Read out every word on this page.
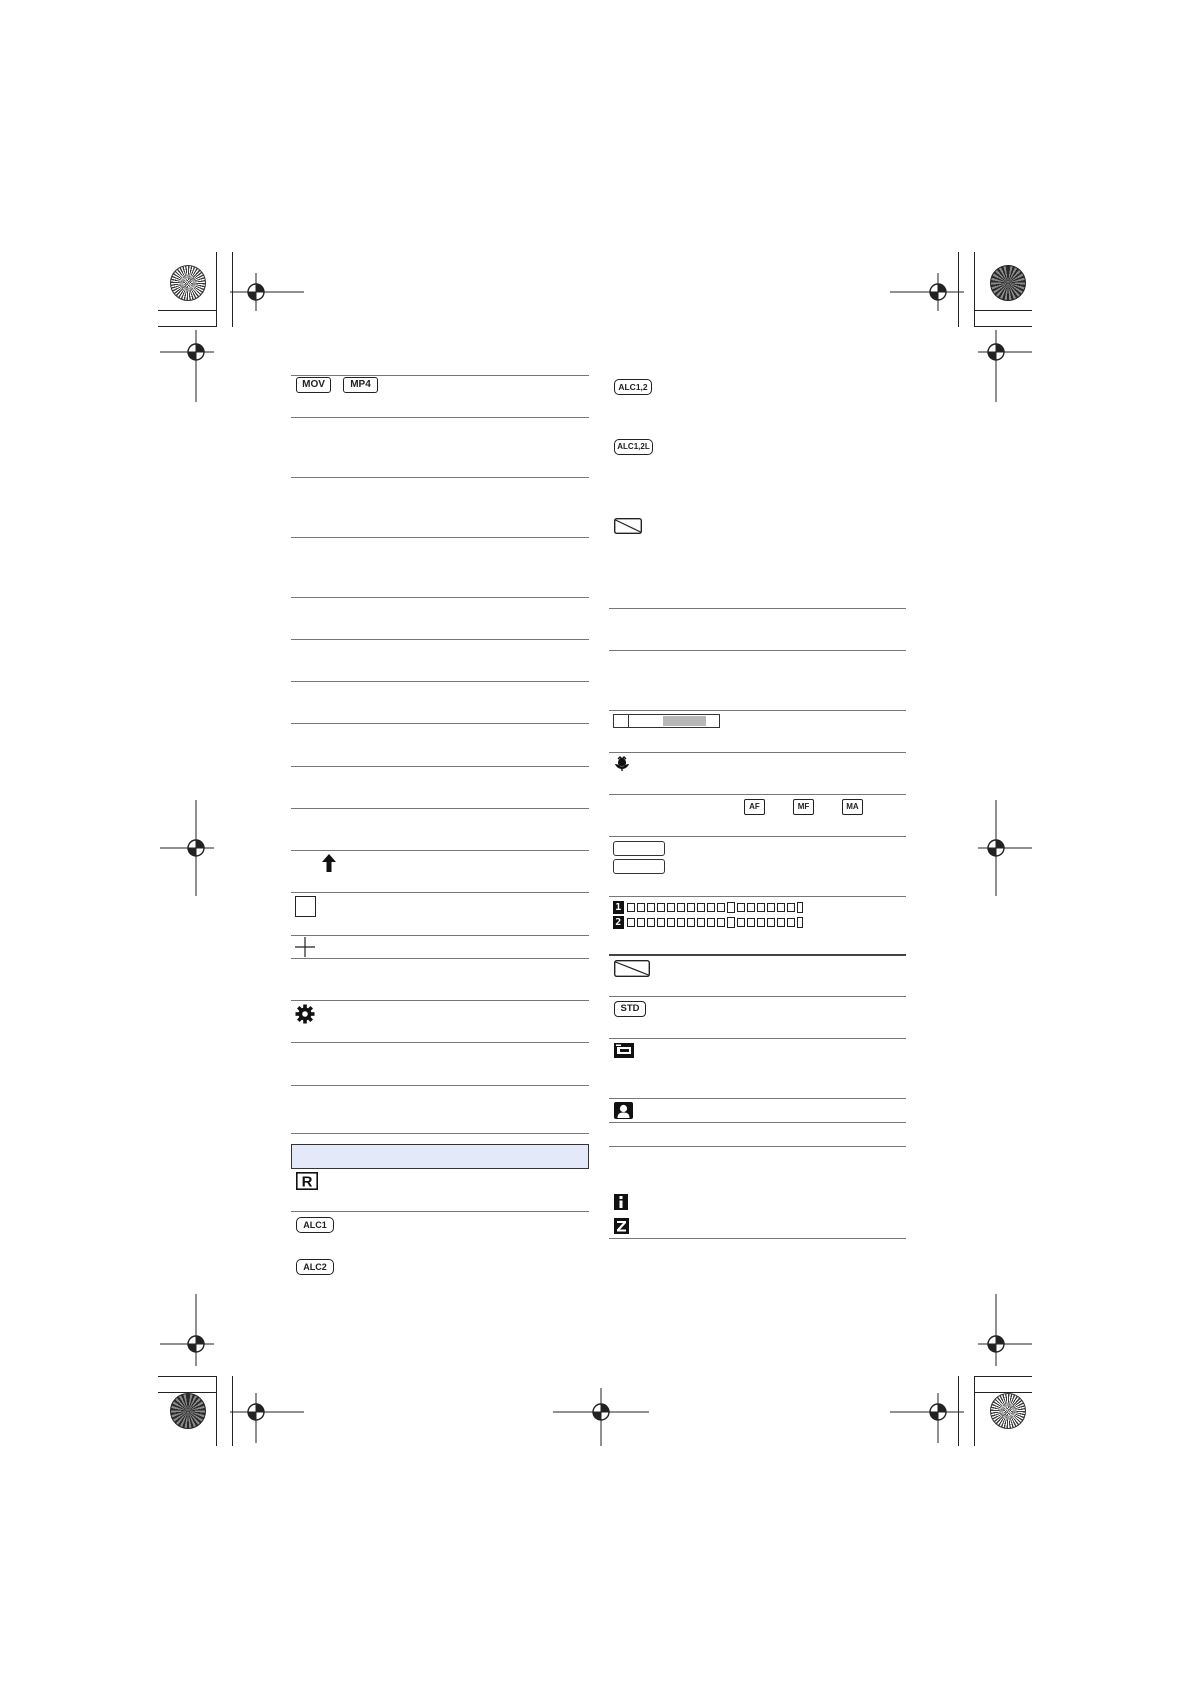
MOV	MP4
R
ALC1
ALC2
ALC1,2
ALC1,2L
AF	MF	MA
1
2
STD
